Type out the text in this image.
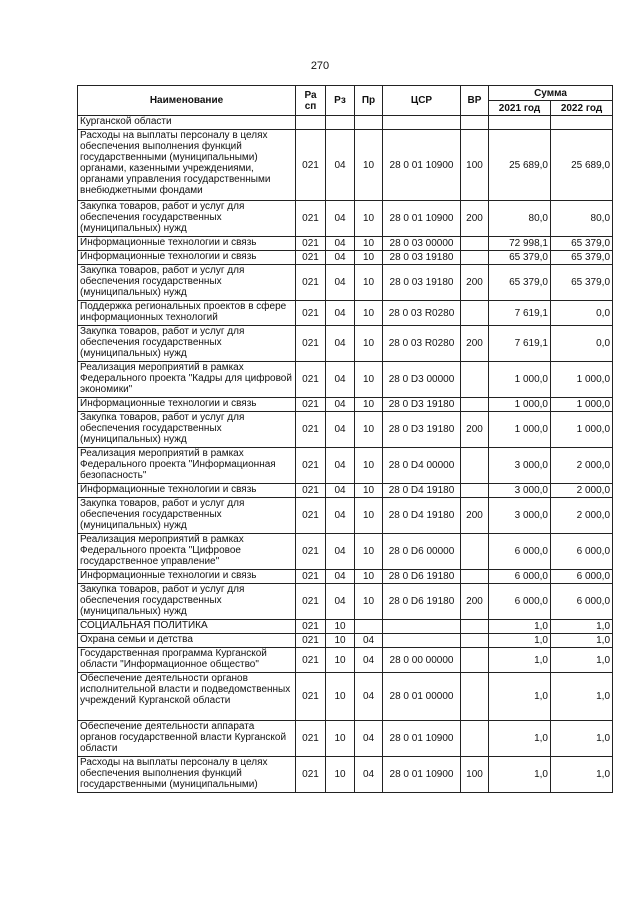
270
Наименование	Ра сп	Рз	Пр	ЦСР	ВР	Сумма	
						2021 год	2022 год
Курганской области							
Расходы на выплаты персоналу в целях обеспечения выполнения функций государственными (муниципальными) органами, казенными учреждениями, органами управления государственными внебюджетными фондами	021	04	10	28 0 01 10900	100	25 689,0	25 689,0
Закупка товаров, работ и услуг для обеспечения государственных (муниципальных) нужд	021	04	10	28 0 01 10900	200	80,0	80,0
Информационные технологии и связь	021	04	10	28 0 03 00000		72 998,1	65 379,0
Информационные технологии и связь	021	04	10	28 0 03 19180		65 379,0	65 379,0
Закупка товаров, работ и услуг для обеспечения государственных (муниципальных) нужд	021	04	10	28 0 03 19180	200	65 379,0	65 379,0
Поддержка региональных проектов в сфере информационных технологий	021	04	10	28 0 03 R0280		7 619,1	0,0
Закупка товаров, работ и услуг для обеспечения государственных (муниципальных) нужд	021	04	10	28 0 03 R0280	200	7 619,1	0,0
Реализация мероприятий в рамках Федерального проекта "Кадры для цифровой экономики"	021	04	10	28 0 D3 00000		1 000,0	1 000,0
Информационные технологии и связь	021	04	10	28 0 D3 19180		1 000,0	1 000,0
Закупка товаров, работ и услуг для обеспечения государственных (муниципальных) нужд	021	04	10	28 0 D3 19180	200	1 000,0	1 000,0
Реализация мероприятий в рамках Федерального проекта "Информационная безопасность"	021	04	10	28 0 D4 00000		3 000,0	2 000,0
Информационные технологии и связь	021	04	10	28 0 D4 19180		3 000,0	2 000,0
Закупка товаров, работ и услуг для обеспечения государственных (муниципальных) нужд	021	04	10	28 0 D4 19180	200	3 000,0	2 000,0
Реализация мероприятий в рамках Федерального проекта "Цифровое государственное управление"	021	04	10	28 0 D6 00000		6 000,0	6 000,0
Информационные технологии и связь	021	04	10	28 0 D6 19180		6 000,0	6 000,0
Закупка товаров, работ и услуг для обеспечения государственных (муниципальных) нужд	021	04	10	28 0 D6 19180	200	6 000,0	6 000,0
СОЦИАЛЬНАЯ ПОЛИТИКА	021	10				1,0	1,0
Охрана семьи и детства	021	10	04			1,0	1,0
Государственная программа Курганской области "Информационное общество"	021	10	04	28 0 00 00000		1,0	1,0
Обеспечение деятельности органов исполнительной власти и подведомственных учреждений Курганской области	021	10	04	28 0 01 00000		1,0	1,0
Обеспечение деятельности аппарата органов государственной власти Курганской области	021	10	04	28 0 01 10900		1,0	1,0
Расходы на выплаты персоналу в целях обеспечения выполнения функций государственными (муниципальными)	021	10	04	28 0 01 10900	100	1,0	1,0
